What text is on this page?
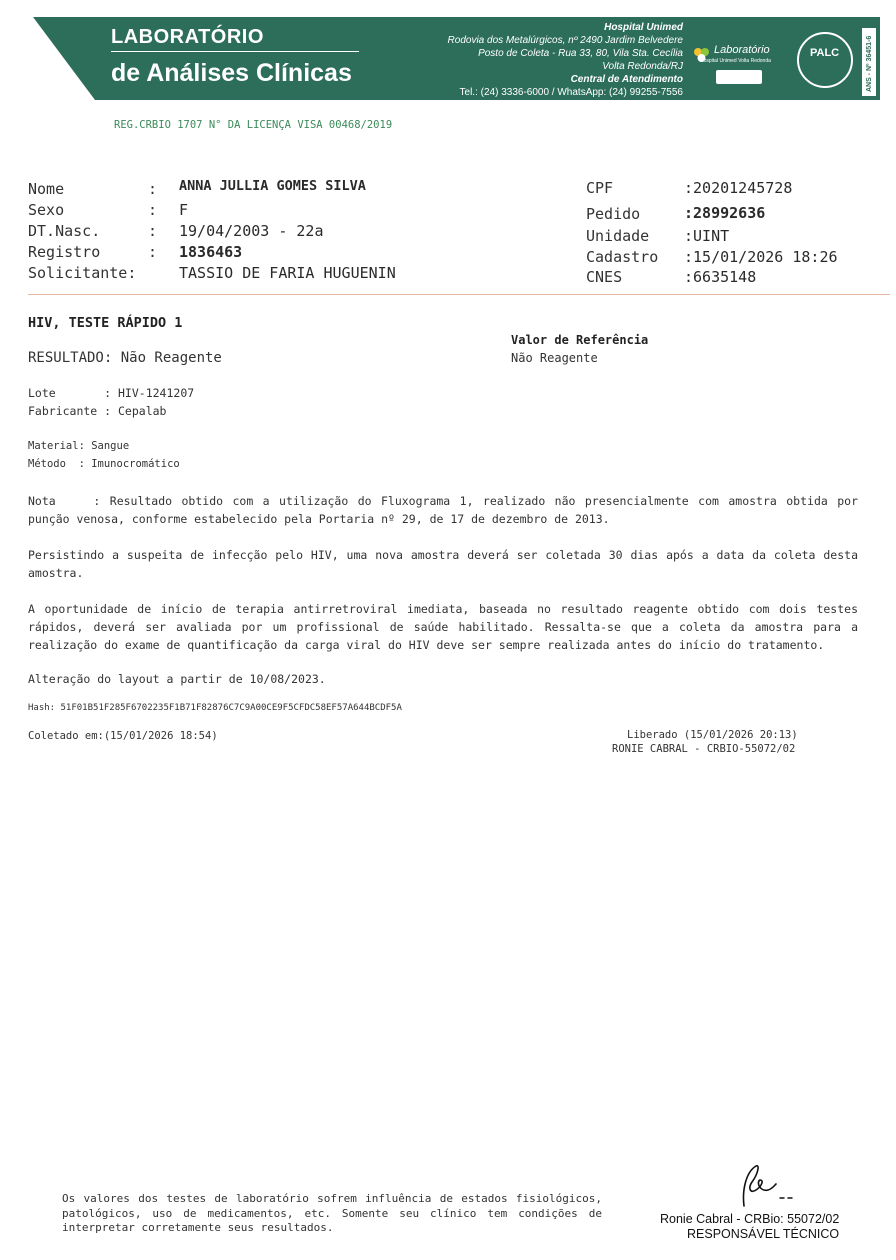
LABORATÓRIO
de Análises Clínicas
Hospital Unimed
Rodovia dos Metalúrgicos, nº 2490 Jardim Belvedere
Posto de Coleta - Rua 33, 80, Vila Sta. Cecília
Volta Redonda/RJ
Central de Atendimento
Tel.: (24) 3336-6000 / WhatsApp: (24) 99255-7556
Laboratório
Hospital Unimed Volta Redonda
PALC	ANS - Nº 36451-6
REG.CRBIO 1707 N° DA LICENÇA VISA 00468/2019
Nome	: ANNA JULLIA GOMES SILVA
Sexo	: F
DT.Nasc.	: 19/04/2003 - 22a
Registro	: 1836463
Solicitante:	TASSIO DE FARIA HUGUENIN
CPF	:20201245728
Pedido	:28992636
Unidade :UINT
Cadastro :15/01/2026 18:26
CNES	:6635148
HIV, TESTE RÁPIDO 1
Valor de Referência
Não Reagente
RESULTADO: Não Reagente
Lote       : HIV-1241207
Fabricante : Cepalab
Material: Sangue
Método  : Imunocromático
Nota    : Resultado obtido com a utilização do Fluxograma 1, realizado não presencialmente com amostra obtida por punção venosa, conforme estabelecido pela Portaria nº 29, de 17 de dezembro de 2013.
Persistindo a suspeita de infecção pelo HIV, uma nova amostra deverá ser coletada 30 dias após a data da coleta desta amostra.
A oportunidade de início de terapia antirretroviral imediata, baseada no resultado reagente obtido com dois testes rápidos, deverá ser avaliada por um profissional de saúde habilitado. Ressalta-se que a coleta da amostra para a realização do exame de quantificação da carga viral do HIV deve ser sempre realizada antes do início do tratamento.
Alteração do layout a partir de 10/08/2023.
Hash: 51F01B51F285F6702235F1B71F82876C7C9A00CE9F5CFDC58EF57A644BCDF5A
Coletado em:(15/01/2026 18:54)	Liberado (15/01/2026 20:13)
RONIE CABRAL - CRBIO-55072/02
Os valores dos testes de laboratório sofrem influência de estados fisiológicos, patológicos, uso de medicamentos, etc. Somente seu clínico tem condições de interpretar corretamente seus resultados.
Ronie Cabral - CRBio: 55072/02
RESPONSÁVEL TÉCNICO
